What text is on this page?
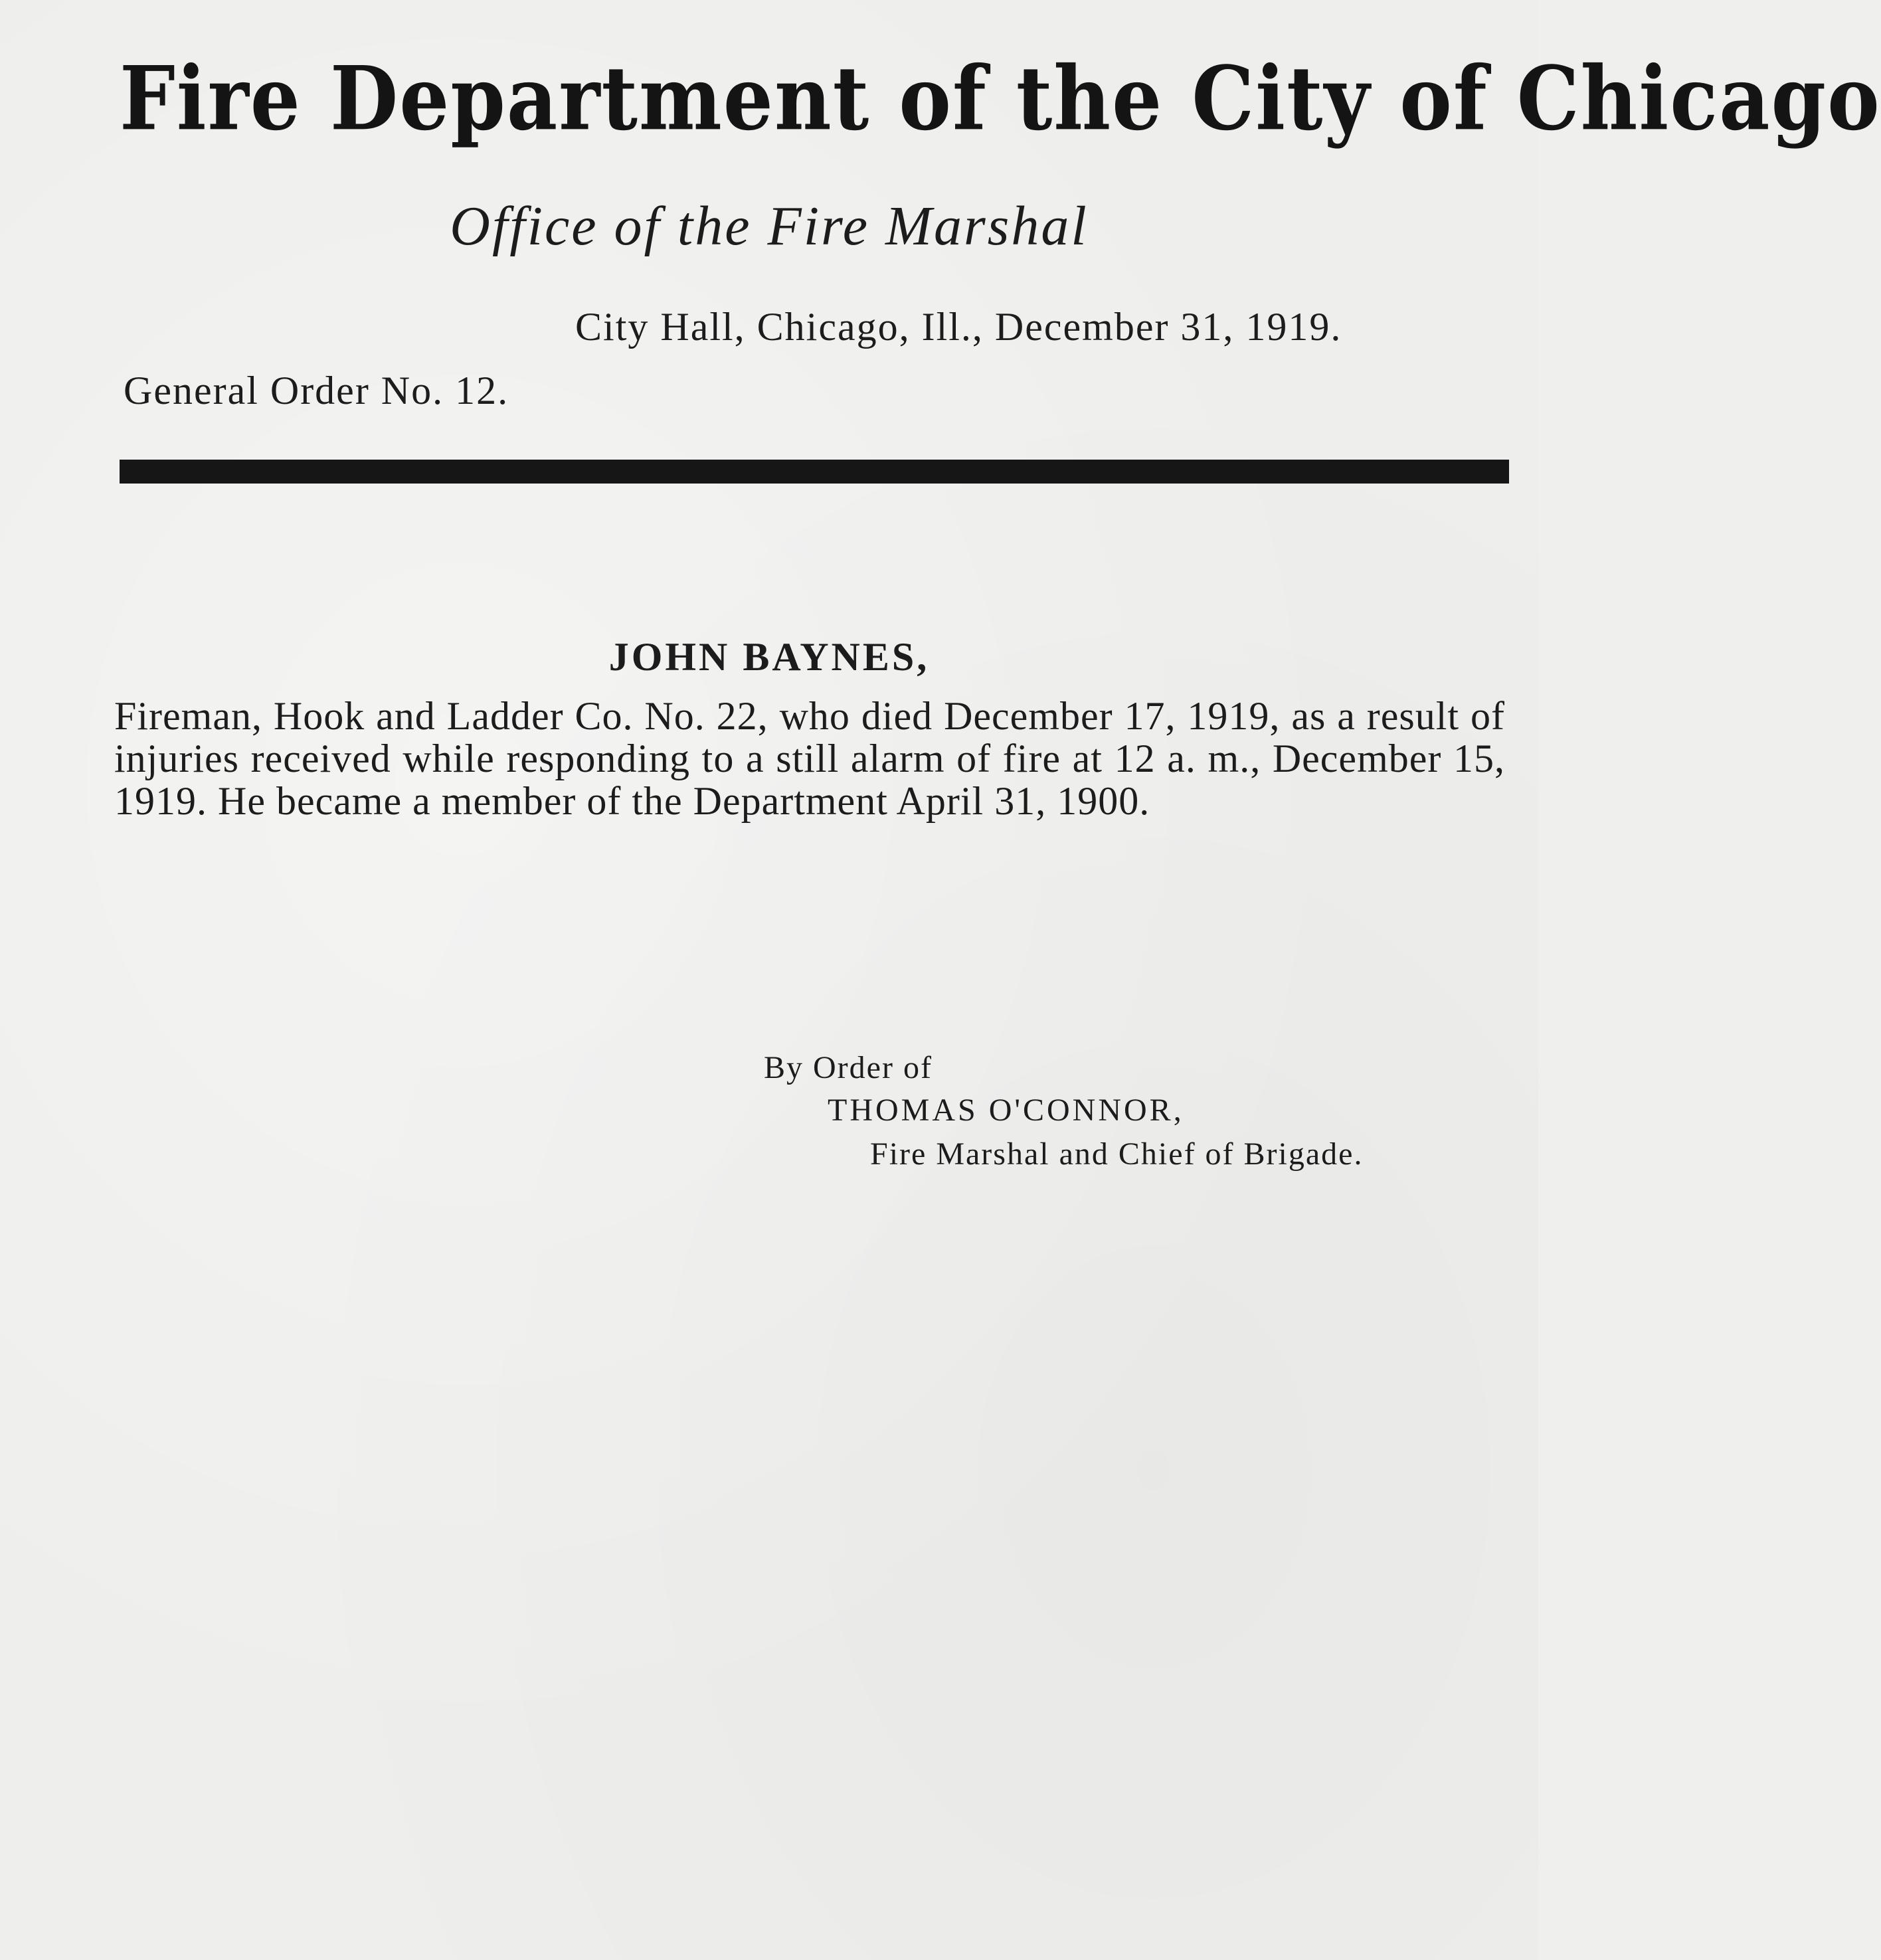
Fire Department of the City of Chicago
Office of the Fire Marshal
City Hall, Chicago, Ill., December 31, 1919.
General Order No. 12.
JOHN BAYNES,
Fireman, Hook and Ladder Co. No. 22, who died December 17, 1919, as a result of injuries received while responding to a still alarm of fire at 12 a. m., December 15, 1919. He became a member of the Department April 31, 1900.
By Order of
THOMAS O'CONNOR,
Fire Marshal and Chief of Brigade.
